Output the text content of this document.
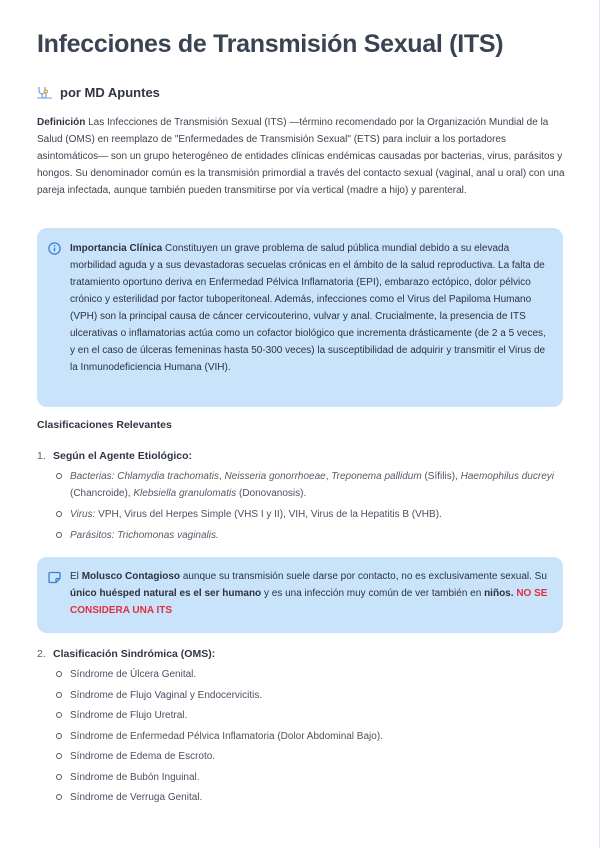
Infecciones de Transmisión Sexual (ITS)
por MD Apuntes

Definición Las Infecciones de Transmisión Sexual (ITS) —término recomendado por la Organización Mundial de la Salud (OMS) en reemplazo de "Enfermedades de Transmisión Sexual" (ETS) para incluir a los portadores asintomáticos— son un grupo heterogéneo de entidades clínicas endémicas causadas por bacterias, virus, parásitos y hongos. Su denominador común es la transmisión primordial a través del contacto sexual (vaginal, anal u oral) con una pareja infectada, aunque también pueden transmitirse por vía vertical (madre a hijo) y parenteral.

Importancia Clínica Constituyen un grave problema de salud pública mundial debido a su elevada morbilidad aguda y a sus devastadoras secuelas crónicas en el ámbito de la salud reproductiva. La falta de tratamiento oportuno deriva en Enfermedad Pélvica Inflamatoria (EPI), embarazo ectópico, dolor pélvico crónico y esterilidad por factor tuboperitoneal. Además, infecciones como el Virus del Papiloma Humano (VPH) son la principal causa de cáncer cervicouterino, vulvar y anal. Crucialmente, la presencia de ITS ulcerativas o inflamatorias actúa como un cofactor biológico que incrementa drásticamente (de 2 a 5 veces, y en el caso de úlceras femeninas hasta 50-300 veces) la susceptibilidad de adquirir y transmitir el Virus de la Inmunodeficiencia Humana (VIH).
Clasificaciones Relevantes
1. Según el Agente Etiológico:
Bacterias: Chlamydia trachomatis, Neisseria gonorrhoeae, Treponema pallidum (Sífilis), Haemophilus ducreyi (Chancroide), Klebsiella granulomatis (Donovanosis).
Virus: VPH, Virus del Herpes Simple (VHS I y II), VIH, Virus de la Hepatitis B (VHB).
Parásitos: Trichomonas vaginalis.
El Molusco Contagioso aunque su transmisión suele darse por contacto, no es exclusivamente sexual. Su único huésped natural es el ser humano y es una infección muy común de ver también en niños. NO SE CONSIDERA UNA ITS
2. Clasificación Sindrómica (OMS):
Síndrome de Úlcera Genital.
Síndrome de Flujo Vaginal y Endocervicitis.
Síndrome de Flujo Uretral.
Síndrome de Enfermedad Pélvica Inflamatoria (Dolor Abdominal Bajo).
Síndrome de Edema de Escroto.
Síndrome de Bubón Inguinal.
Síndrome de Verruga Genital.
